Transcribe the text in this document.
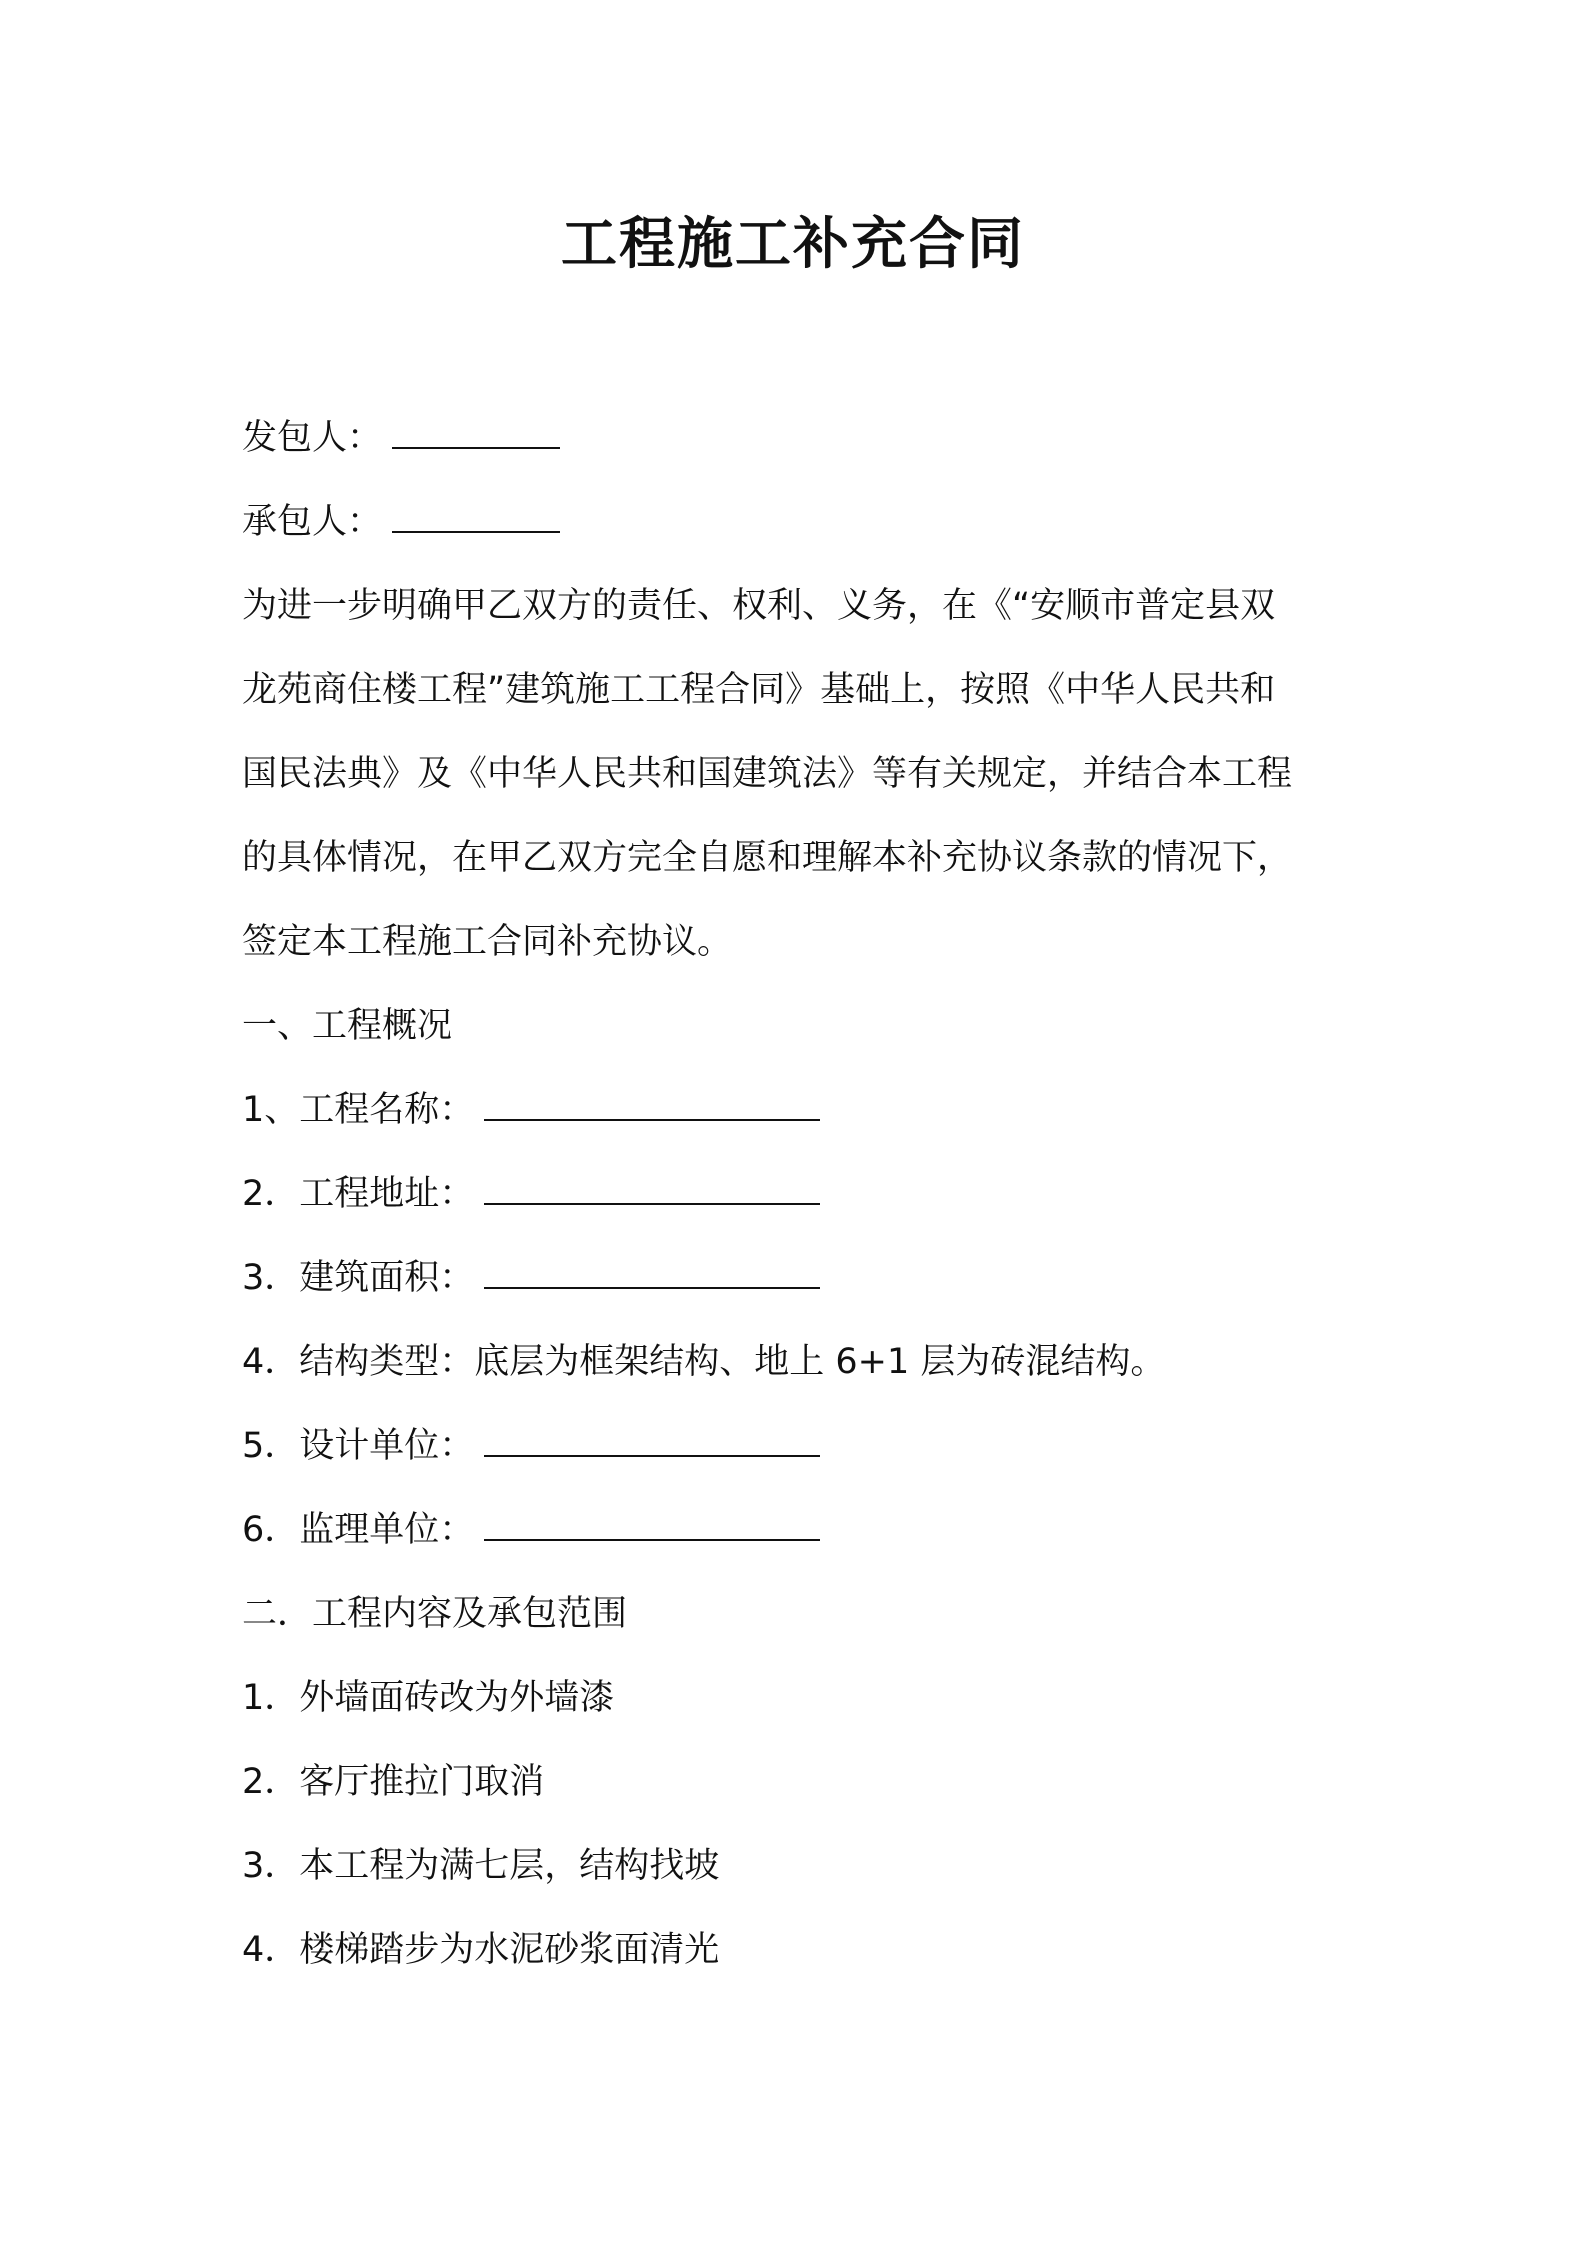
工程施工补充合同

发包人：

承包人：

为进一步明确甲乙双方的责任、权利、义务，在《“安顺市普定县双

龙苑商住楼工程”建筑施工工程合同》基础上，按照《中华人民共和

国民法典》及《中华人民共和国建筑法》等有关规定，并结合本工程

的具体情况，在甲乙双方完全自愿和理解本补充协议条款的情况下，

签定本工程施工合同补充协议。

一、工程概况

1、工程名称：

2．工程地址：

3．建筑面积：

4．结构类型：底层为框架结构、地上 6+1 层为砖混结构。

5．设计单位：

6．监理单位：

二．工程内容及承包范围

1．外墙面砖改为外墙漆

2．客厅推拉门取消

3．本工程为满七层，结构找坡

4．楼梯踏步为水泥砂浆面清光
